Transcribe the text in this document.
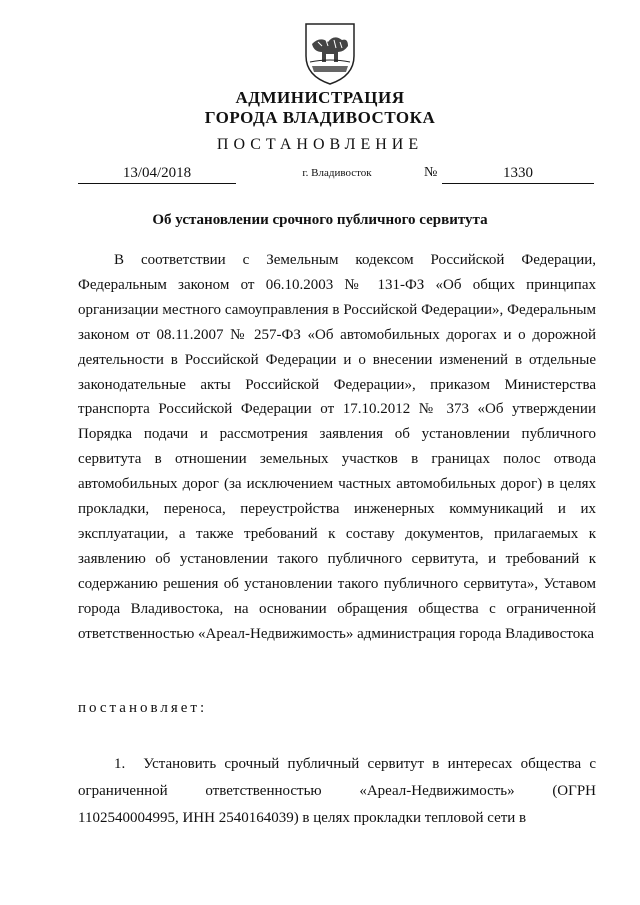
АДМИНИСТРАЦИЯ
ГОРОДА ВЛАДИВОСТОКА
ПОСТАНОВЛЕНИЕ
13/04/2018	г. Владивосток	№	1330
Об установлении срочного публичного сервитута

В соответствии с Земельным кодексом Российской Федерации, Федеральным законом от 06.10.2003 № 131-ФЗ «Об общих принципах организации местного самоуправления в Российской Федерации», Федеральным законом от 08.11.2007 № 257-ФЗ «Об автомобильных дорогах и о дорожной деятельности в Российской Федерации и о внесении изменений в отдельные законодательные акты Российской Федерации», приказом Министерства транспорта Российской Федерации от 17.10.2012 № 373 «Об утверждении Порядка подачи и рассмотрения заявления об установлении публичного сервитута в отношении земельных участков в границах полос отвода автомобильных дорог (за исключением частных автомобильных дорог) в целях прокладки, переноса, переустройства инженерных коммуникаций и их эксплуатации, а также требований к составу документов, прилагаемых к заявлению об установлении такого публичного сервитута, и требований к содержанию решения об установлении такого публичного сервитута», Уставом города Владивостока, на основании обращения общества с ограниченной ответственностью «Ареал-Недвижимость» администрация города Владивостока

постановляет:

1. Установить срочный публичный сервитут в интересах общества с ограниченной ответственностью «Ареал-Недвижимость» (ОГРН 1102540004995, ИНН 2540164039) в целях прокладки тепловой сети в
